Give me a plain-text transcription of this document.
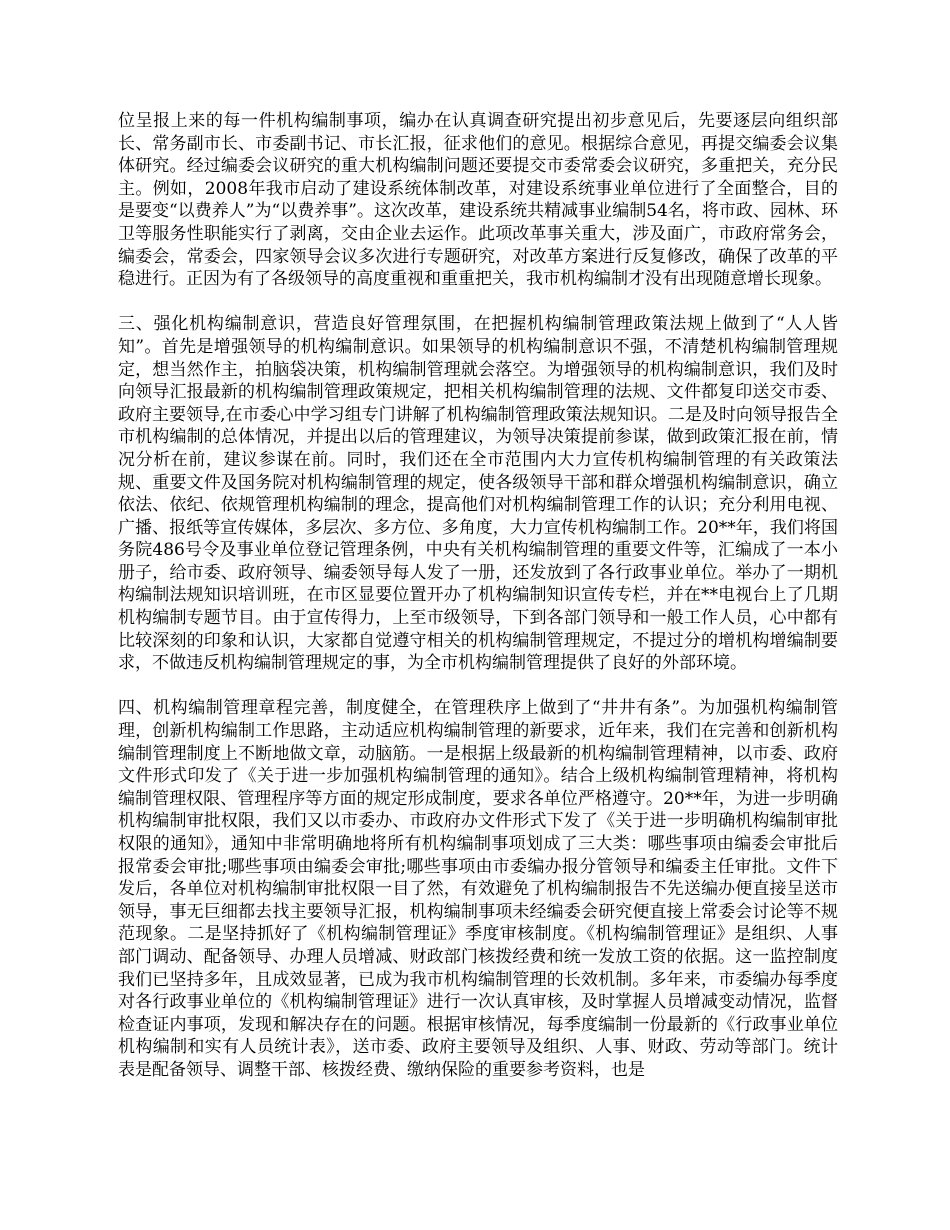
位呈报上来的每一件机构编制事项，编办在认真调查研究提出初步意见后，先要逐层向组织部长、常务副市长、市委副书记、市长汇报，征求他们的意见。根据综合意见，再提交编委会议集体研究。经过编委会议研究的重大机构编制问题还要提交市委常委会议研究，多重把关，充分民主。例如，2008年我市启动了建设系统体制改革，对建设系统事业单位进行了全面整合，目的是要变“以费养人”为“以费养事”。这次改革，建设系统共精减事业编制54名，将市政、园林、环卫等服务性职能实行了剥离，交由企业去运作。此项改革事关重大，涉及面广，市政府常务会，编委会，常委会，四家领导会议多次进行专题研究，对改革方案进行反复修改，确保了改革的平稳进行。正因为有了各级领导的高度重视和重重把关，我市机构编制才没有出现随意增长现象。

三、强化机构编制意识，营造良好管理氛围，在把握机构编制管理政策法规上做到了“人人皆知”。首先是增强领导的机构编制意识。如果领导的机构编制意识不强，不清楚机构编制管理规定，想当然作主，拍脑袋决策，机构编制管理就会落空。为增强领导的机构编制意识，我们及时向领导汇报最新的机构编制管理政策规定，把相关机构编制管理的法规、文件都复印送交市委、政府主要领导,在市委心中学习组专门讲解了机构编制管理政策法规知识。二是及时向领导报告全市机构编制的总体情况，并提出以后的管理建议，为领导决策提前参谋，做到政策汇报在前，情况分析在前，建议参谋在前。同时，我们还在全市范围内大力宣传机构编制管理的有关政策法规、重要文件及国务院对机构编制管理的规定，使各级领导干部和群众增强机构编制意识，确立依法、依纪、依规管理机构编制的理念，提高他们对机构编制管理工作的认识；充分利用电视、广播、报纸等宣传媒体，多层次、多方位、多角度，大力宣传机构编制工作。20**年，我们将国务院486号令及事业单位登记管理条例，中央有关机构编制管理的重要文件等，汇编成了一本小册子，给市委、政府领导、编委领导每人发了一册，还发放到了各行政事业单位。举办了一期机构编制法规知识培训班，在市区显要位置开办了机构编制知识宣传专栏，并在**电视台上了几期机构编制专题节目。由于宣传得力，上至市级领导，下到各部门领导和一般工作人员，心中都有比较深刻的印象和认识，大家都自觉遵守相关的机构编制管理规定，不提过分的增机构增编制要求，不做违反机构编制管理规定的事，为全市机构编制管理提供了良好的外部环境。

四、机构编制管理章程完善，制度健全，在管理秩序上做到了“井井有条”。为加强机构编制管理，创新机构编制工作思路，主动适应机构编制管理的新要求，近年来，我们在完善和创新机构编制管理制度上不断地做文章，动脑筋。一是根据上级最新的机构编制管理精神，以市委、政府文件形式印发了《关于进一步加强机构编制管理的通知》。结合上级机构编制管理精神，将机构编制管理权限、管理程序等方面的规定形成制度，要求各单位严格遵守。20**年，为进一步明确机构编制审批权限，我们又以市委办、市政府办文件形式下发了《关于进一步明确机构编制审批权限的通知》，通知中非常明确地将所有机构编制事项划成了三大类：哪些事项由编委会审批后报常委会审批;哪些事项由编委会审批;哪些事项由市委编办报分管领导和编委主任审批。文件下发后，各单位对机构编制审批权限一目了然，有效避免了机构编制报告不先送编办便直接呈送市领导，事无巨细都去找主要领导汇报，机构编制事项未经编委会研究便直接上常委会讨论等不规范现象。二是坚持抓好了《机构编制管理证》季度审核制度。《机构编制管理证》是组织、人事部门调动、配备领导、办理人员增减、财政部门核拨经费和统一发放工资的依据。这一监控制度我们已坚持多年，且成效显著，已成为我市机构编制管理的长效机制。多年来，市委编办每季度对各行政事业单位的《机构编制管理证》进行一次认真审核，及时掌握人员增减变动情况，监督检查证内事项，发现和解决存在的问题。根据审核情况，每季度编制一份最新的《行政事业单位机构编制和实有人员统计表》，送市委、政府主要领导及组织、人事、财政、劳动等部门。统计表是配备领导、调整干部、核拨经费、缴纳保险的重要参考资料，也是
